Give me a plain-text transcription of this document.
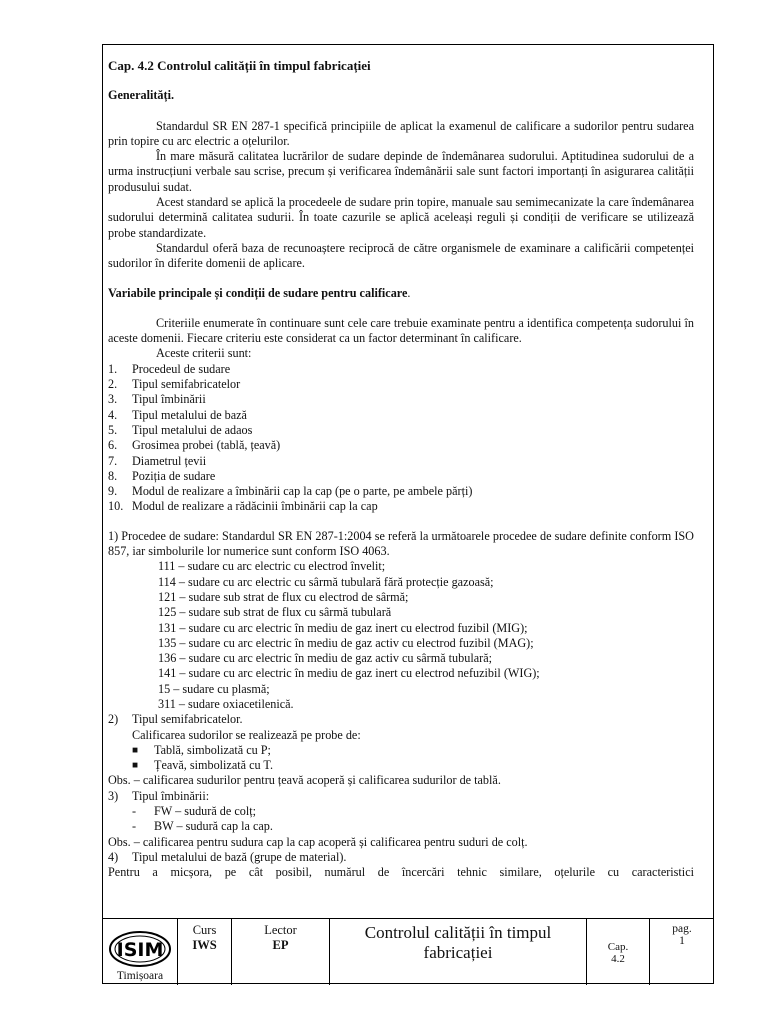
Cap. 4.2 Controlul calității în timpul fabricației

Generalități.

Standardul SR EN 287-1 specifică principiile de aplicat la examenul de calificare a sudorilor pentru sudarea prin topire cu arc electric a oțelurilor.

În mare măsură calitatea lucrărilor de sudare depinde de îndemânarea sudorului. Aptitudinea sudorului de a urma instrucțiuni verbale sau scrise, precum și verificarea îndemânării sale sunt factori importanți în asigurarea calității produsului sudat.

Acest standard se aplică la procedeele de sudare prin topire, manuale sau semimecanizate la care îndemânarea sudorului determină calitatea sudurii. În toate cazurile se aplică aceleași reguli și condiții de verificare se utilizează probe standardizate.

Standardul oferă baza de recunoaștere reciprocă de către organismele de examinare a calificării competenței sudorilor în diferite domenii de aplicare.

Variabile principale și condiții de sudare pentru calificare.

Criteriile enumerate în continuare sunt cele care trebuie examinate pentru a identifica competența sudorului în aceste domenii. Fiecare criteriu este considerat ca un factor determinant în calificare.

Aceste criterii sunt:

1.	Procedeul de sudare
2.	Tipul semifabricatelor
3.	Tipul îmbinării
4.	Tipul metalului de bază
5.	Tipul metalului de adaos
6.	Grosimea probei (tablă, țeavă)
7.	Diametrul țevii
8.	Poziția de sudare
9.	Modul de realizare a îmbinării cap la cap (pe o parte, pe ambele părți)
10. Modul de realizare a rădăcinii îmbinării cap la cap

1) Procedee de sudare: Standardul SR EN 287-1:2004 se referă la următoarele procedee de sudare definite conform ISO 857, iar simbolurile lor numerice sunt conform ISO 4063.

111 – sudare cu arc electric cu electrod învelit;
114 – sudare cu arc electric cu sârmă tubulară fără protecție gazoasă;
121 – sudare sub strat de flux cu electrod de sârmă;
125 – sudare sub strat de flux cu sârmă tubulară
131 – sudare cu arc electric în mediu de gaz inert cu electrod fuzibil (MIG);
135 – sudare cu arc electric în mediu de gaz activ cu electrod fuzibil (MAG);
136 – sudare cu arc electric în mediu de gaz activ cu sârmă tubulară;
141 – sudare cu arc electric în mediu de gaz inert cu electrod nefuzibil (WIG);
15 – sudare cu plasmă;
311 – sudare oxiacetilenică.
2)	Tipul semifabricatelor.
Calificarea sudorilor se realizează pe probe de:
■	Tablă, simbolizată cu P;
■	Țeavă, simbolizată cu T.

Obs. – calificarea sudurilor pentru țeavă acoperă și calificarea sudurilor de tablă.

3)	Tipul îmbinării:
-	FW – sudură de colț;
-	BW – sudură cap la cap.

Obs. – calificarea pentru sudura cap la cap acoperă și calificarea pentru suduri de colț.

4)	Tipul metalului de bază (grupe de material).

Pentru a micșora, pe cât posibil, numărul de încercări tehnic similare, oțelurile cu caracteristici

ISIM
Timișoara
Curs
IWS
Lector
EP
Controlul calității în timpul fabricației	Cap.
4.2
pag.
1
